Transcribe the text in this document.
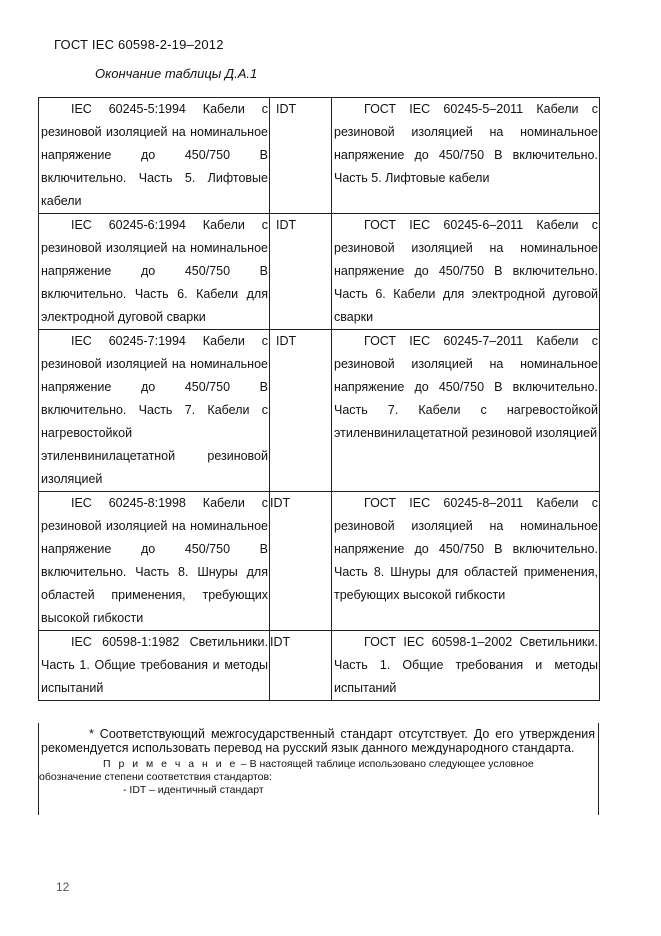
ГОСТ IEC 60598-2-19–2012
Окончание таблицы Д.А.1
IEC 60245-5:1994 Кабели с резиновой изоляцией на номинальное напряжение до 450/750 В включительно. Часть 5. Лифтовые кабели	IDT	ГОСТ IEC 60245-5–2011 Кабели с резиновой изоляцией на номинальное напряжение до 450/750 В включительно. Часть 5. Лифтовые кабели
IEC 60245-6:1994 Кабели с резиновой изоляцией на номинальное напряжение до 450/750 В включительно. Часть 6. Кабели для электродной дуговой сварки	IDT	ГОСТ IEC 60245-6–2011 Кабели с резиновой изоляцией на номинальное напряжение до 450/750 В включительно. Часть 6. Кабели для электродной дуговой сварки
IEC 60245-7:1994 Кабели с резиновой изоляцией на номинальное напряжение до 450/750 В включительно. Часть 7. Кабели с нагревостойкой этиленвинилацетатной резиновой изоляцией	IDT	ГОСТ IEC 60245-7–2011 Кабели с резиновой изоляцией на номинальное напряжение до 450/750 В включительно. Часть 7. Кабели с нагревостойкой этиленвинилацетатной резиновой изоляцией
IEC 60245-8:1998 Кабели с резиновой изоляцией на номинальное напряжение до 450/750 В включительно. Часть 8. Шнуры для областей применения, требующих высокой гибкости	IDT	ГОСТ IEC 60245-8–2011 Кабели с резиновой изоляцией на номинальное напряжение до 450/750 В включительно. Часть 8. Шнуры для областей применения, требующих высокой гибкости
IEC 60598-1:1982 Светильники. Часть 1. Общие требования и методы испытаний	IDT	ГОСТ IEC 60598-1–2002 Светильники. Часть 1. Общие требования и методы испытаний
* Соответствующий межгосударственный стандарт отсутствует. До его утверждения рекомендуется использовать перевод на русский язык данного международного стандарта.
П р и м е ч а н и е – В настоящей таблице использовано следующее условное обозначение степени соответствия стандартов:
- IDT – идентичный стандарт
12
